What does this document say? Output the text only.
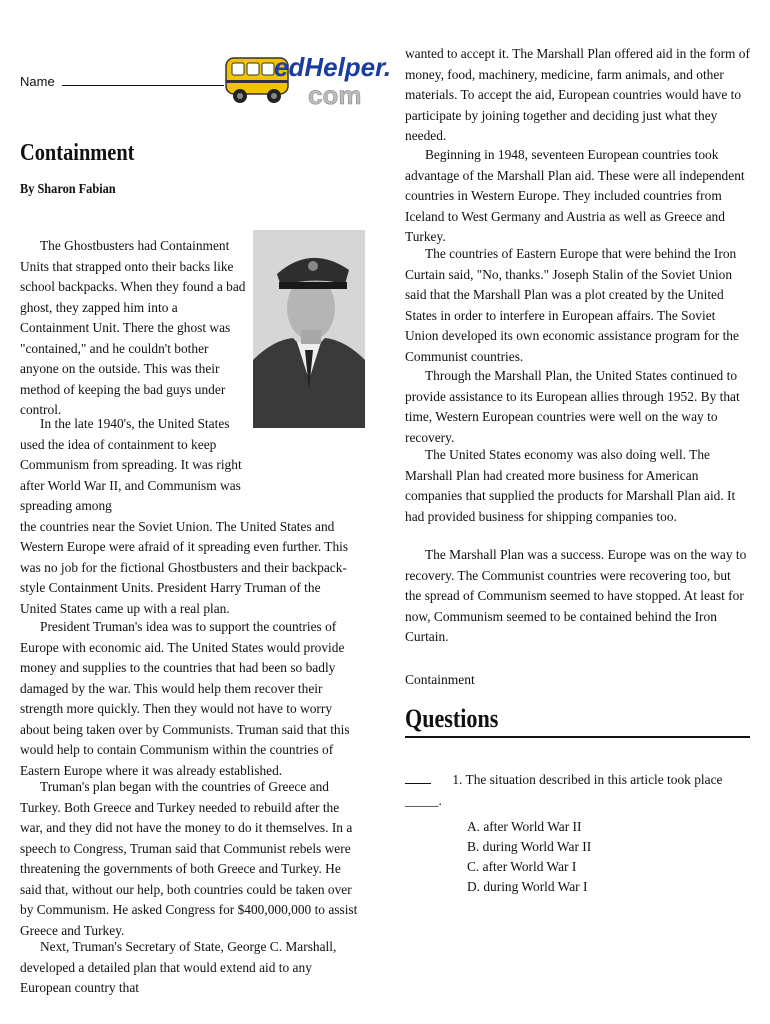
Name	edHelper.
com
Containment
By Sharon Fabian

The Ghostbusters had Containment Units that strapped onto their backs like school backpacks. When they found a bad ghost, they zapped him into a Containment Unit. There the ghost was "contained," and he couldn't bother anyone on the outside. This was their method of keeping the bad guys under control.

In the late 1940's, the United States used the idea of containment to keep Communism from spreading. It was right after World War II, and Communism was spreading among

the countries near the Soviet Union. The United States and Western Europe were afraid of it spreading even further. This was no job for the fictional Ghostbusters and their backpack-style Containment Units. President Harry Truman of the United States came up with a real plan.

President Truman's idea was to support the countries of Europe with economic aid. The United States would provide money and supplies to the countries that had been so badly damaged by the war. This would help them recover their strength more quickly. Then they would not have to worry about being taken over by Communists. Truman said that this would help to contain Communism within the countries of Eastern Europe where it was already established.

Truman's plan began with the countries of Greece and Turkey. Both Greece and Turkey needed to rebuild after the war, and they did not have the money to do it themselves. In a speech to Congress, Truman said that Communist rebels were threatening the governments of both Greece and Turkey. He said that, without our help, both countries could be taken over by Communism. He asked Congress for $400,000,000 to assist Greece and Turkey.

Next, Truman's Secretary of State, George C. Marshall, developed a detailed plan that would extend aid to any European country that

wanted to accept it. The Marshall Plan offered aid in the form of money, food, machinery, medicine, farm animals, and other materials. To accept the aid, European countries would have to participate by joining together and deciding just what they needed.

Beginning in 1948, seventeen European countries took advantage of the Marshall Plan aid. These were all independent countries in Western Europe. They included countries from Iceland to West Germany and Austria as well as Greece and Turkey.

The countries of Eastern Europe that were behind the Iron Curtain said, "No, thanks." Joseph Stalin of the Soviet Union said that the Marshall Plan was a plot created by the United States in order to interfere in European affairs. The Soviet Union developed its own economic assistance program for the Communist countries.

Through the Marshall Plan, the United States continued to provide assistance to its European allies through 1952. By that time, Western European countries were well on the way to recovery.

The United States economy was also doing well. The Marshall Plan had created more business for American companies that supplied the products for Marshall Plan aid. It had provided business for shipping companies too.

The Marshall Plan was a success. Europe was on the way to recovery. The Communist countries were recovering too, but the spread of Communism seemed to have stopped. At least for now, Communism seemed to be contained behind the Iron Curtain.

Containment
Questions
1. The situation described in this article took place _____.
A. after World War II
B. during World War II
C. after World War I
D. during World War I
